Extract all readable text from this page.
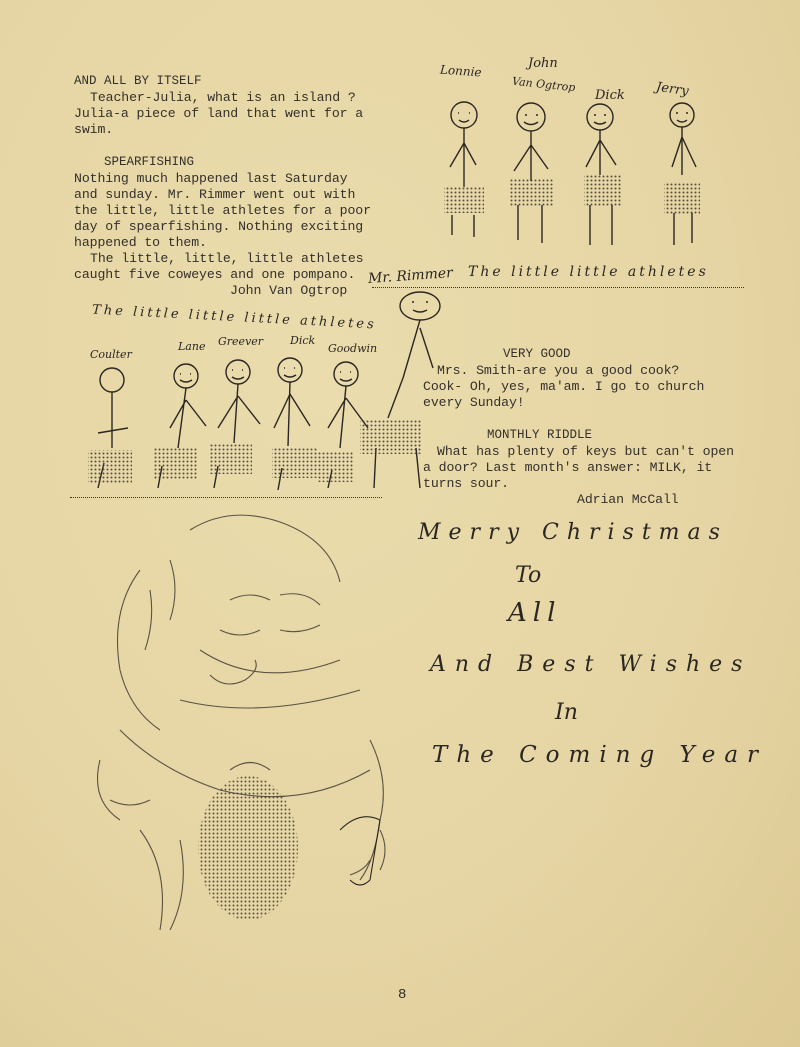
AND ALL BY ITSELF
Teacher-Julia, what is an island ?
Julia-a piece of land that went for a
swim.
SPEARFISHING
Nothing much happened last Saturday
and sunday. Mr. Rimmer went out with
the little, little athletes for a poor
day of spearfishing. Nothing exciting
happened to them.
The little, little, little athletes
caught five coweyes and one pompano.
John Van Ogtrop
VERY GOOD
Mrs. Smith-are you a good cook?
Cook- Oh, yes, ma'am. I go to church
every Sunday!
MONTHLY RIDDLE
What has plenty of keys but can't open
a door? Last month's answer: MILK, it
turns sour.
Adrian McCall
Lonnie	John
Van Ogtrop
Dick Jerry
Mr. Rimmer The little little athletes
The little little little athletes
Coulter
Lane Greever Dick
Goodwin
Merry Christmas
To
All
And Best Wishes
In
The Coming Year
8
